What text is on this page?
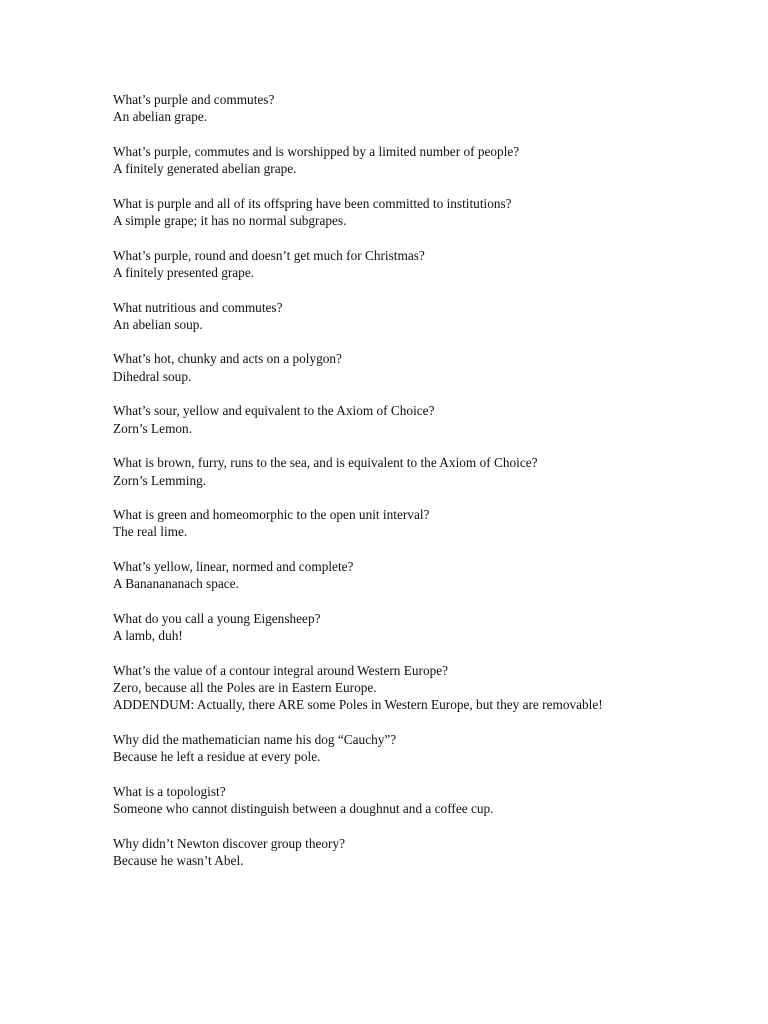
What’s purple and commutes?

An abelian grape.

What’s purple, commutes and is worshipped by a limited number of people?

A finitely generated abelian grape.

What is purple and all of its offspring have been committed to institutions?

A simple grape; it has no normal subgrapes.

What’s purple, round and doesn’t get much for Christmas?

A finitely presented grape.

What nutritious and commutes?

An abelian soup.

What’s hot, chunky and acts on a polygon?

Dihedral soup.

What’s sour, yellow and equivalent to the Axiom of Choice?

Zorn’s Lemon.

What is brown, furry, runs to the sea, and is equivalent to the Axiom of Choice?

Zorn’s Lemming.

What is green and homeomorphic to the open unit interval?

The real lime.

What’s yellow, linear, normed and complete?

A Bananananach space.

What do you call a young Eigensheep?

A lamb, duh!

What’s the value of a contour integral around Western Europe?

Zero, because all the Poles are in Eastern Europe.

ADDENDUM: Actually, there ARE some Poles in Western Europe, but they are removable!

Why did the mathematician name his dog “Cauchy”?

Because he left a residue at every pole.

What is a topologist?

Someone who cannot distinguish between a doughnut and a coffee cup.

Why didn’t Newton discover group theory?

Because he wasn’t Abel.
